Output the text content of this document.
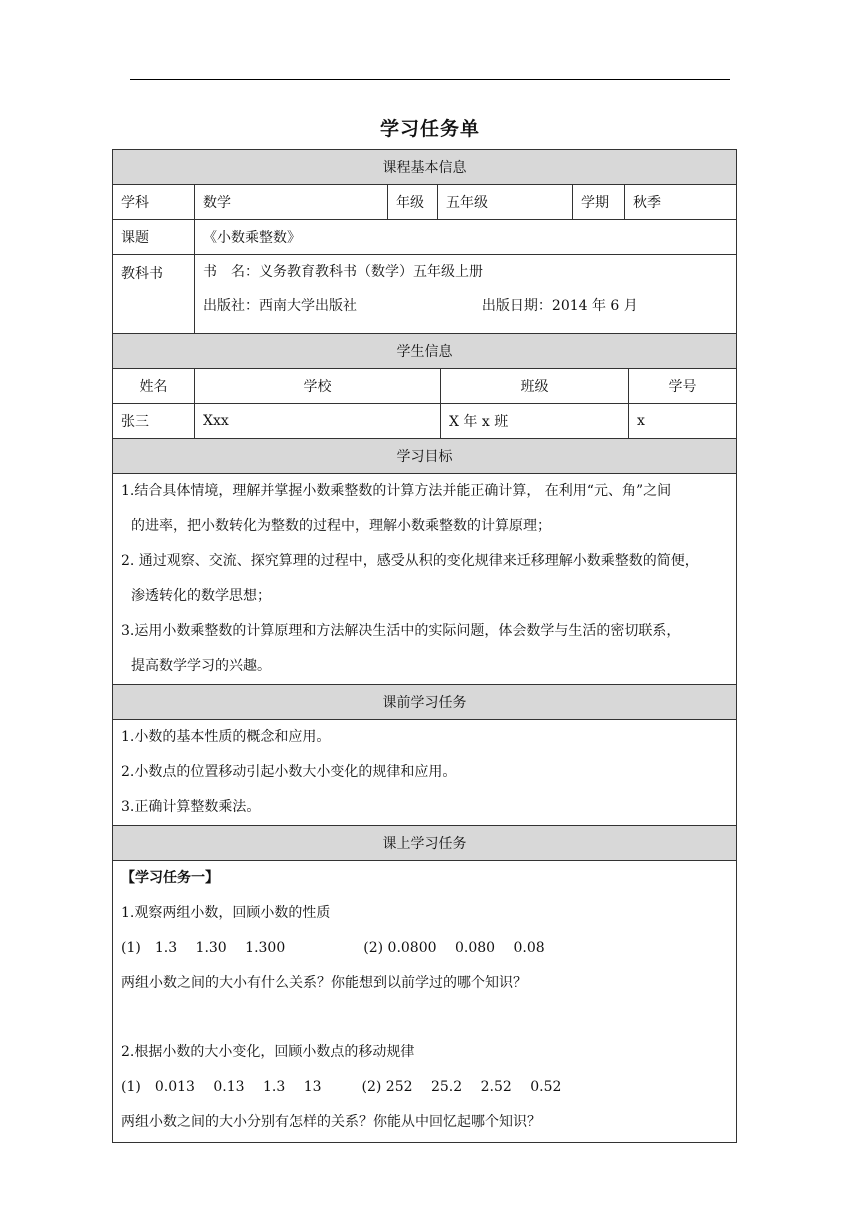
学习任务单
课程基本信息					
学科	数学	年级	五年级	学期	秋季
课题	《小数乘整数》				
教科书	书　名：义务教育教科书（数学）五年级上册
出版社：西南大学出版社 出版日期：2014 年 6 月				
学生信息			
姓名	学校	班级	学号
张三	Xxx	X 年 x 班	x
学习目标

1.结合具体情境，理解并掌握小数乘整数的计算方法并能正确计算， 在利用“元、角”之间
的进率，把小数转化为整数的过程中，理解小数乘整数的计算原理；
2. 通过观察、交流、探究算理的过程中，感受从积的变化规律来迁移理解小数乘整数的简便，
渗透转化的数学思想；
3.运用小数乘整数的计算原理和方法解决生活中的实际问题，体会数学与生活的密切联系，
提高数学学习的兴趣。

课前学习任务

1.小数的基本性质的概念和应用。
2.小数点的位置移动引起小数大小变化的规律和应用。
3.正确计算整数乘法。

课上学习任务

【学习任务一】
1.观察两组小数，回顾小数的性质
(1)　1.3　 1.30　 1.300	(2) 0.0800　 0.080　 0.08
两组小数之间的大小有什么关系？你能想到以前学过的哪个知识？
2.根据小数的大小变化，回顾小数点的移动规律
(1)　0.013　 0.13　 1.3　 13	(2) 252　 25.2　 2.52　 0.52
两组小数之间的大小分别有怎样的关系？你能从中回忆起哪个知识？
